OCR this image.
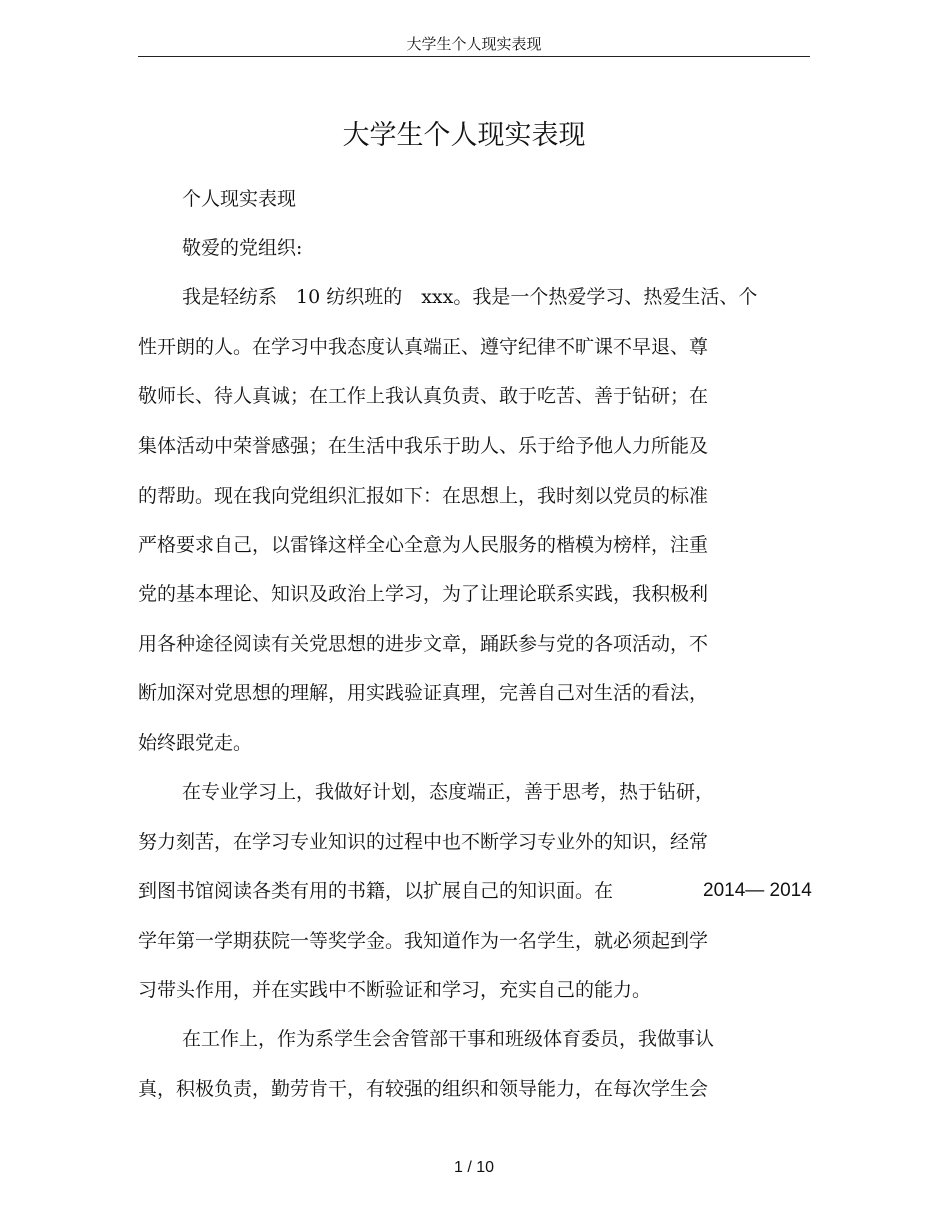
大学生个人现实表现
大学生个人现实表现
个人现实表现
敬爱的党组织:
我是轻纺系　10 纺织班的　xxx。我是一个热爱学习、热爱生活、个
性开朗的人。在学习中我态度认真端正、遵守纪律不旷课不早退、尊
敬师长、待人真诚；在工作上我认真负责、敢于吃苦、善于钻研；在
集体活动中荣誉感强；在生活中我乐于助人、乐于给予他人力所能及
的帮助。现在我向党组织汇报如下：在思想上，我时刻以党员的标准
严格要求自己，以雷锋这样全心全意为人民服务的楷模为榜样，注重
党的基本理论、知识及政治上学习，为了让理论联系实践，我积极利
用各种途径阅读有关党思想的进步文章，踊跃参与党的各项活动，不
断加深对党思想的理解，用实践验证真理，完善自己对生活的看法，
始终跟党走。
在专业学习上，我做好计划，态度端正，善于思考，热于钻研，
努力刻苦，在学习专业知识的过程中也不断学习专业外的知识，经常
到图书馆阅读各类有用的书籍，以扩展自己的知识面。在	2014— 2014
学年第一学期获院一等奖学金。我知道作为一名学生，就必须起到学
习带头作用，并在实践中不断验证和学习，充实自己的能力。
在工作上，作为系学生会舍管部干事和班级体育委员，我做事认
真，积极负责，勤劳肯干，有较强的组织和领导能力，在每次学生会
1 / 10
